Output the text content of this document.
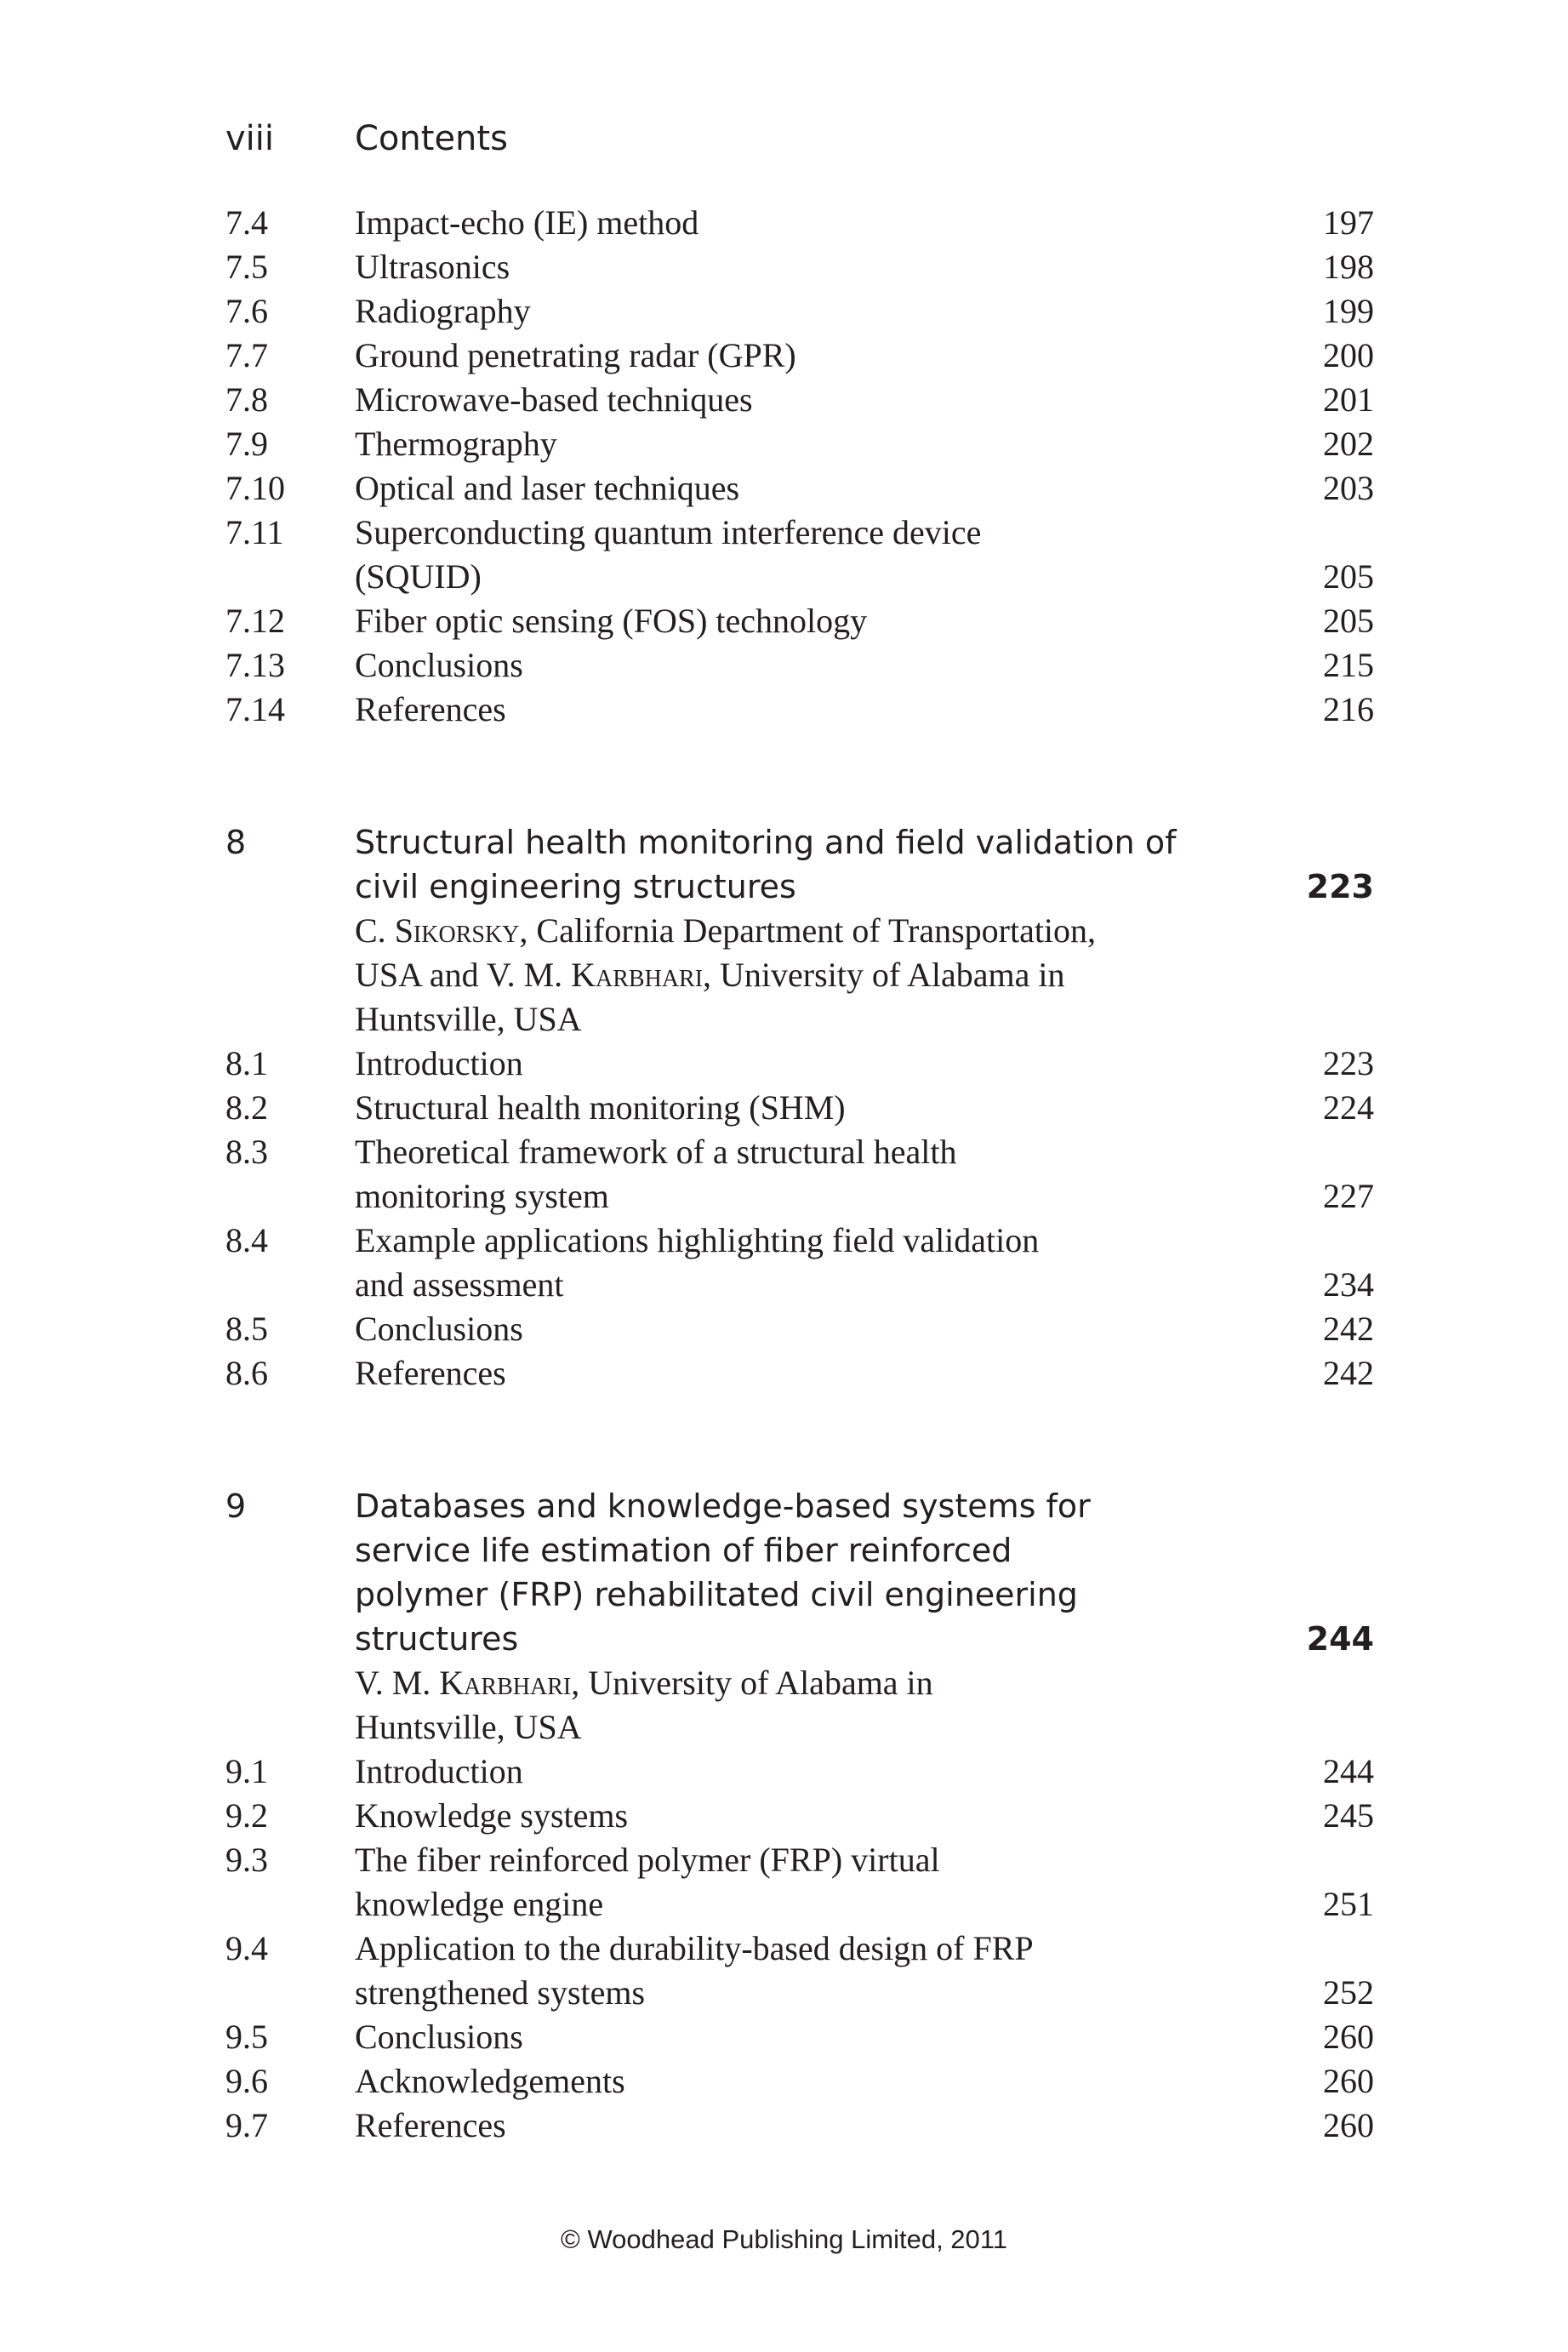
viii Contents
7.4	Impact-echo (IE) method	197
7.5	Ultrasonics	198
7.6	Radiography	199
7.7	Ground penetrating radar (GPR)	200
7.8	Microwave-based techniques	201
7.9	Thermography	202
7.10 Optical and laser techniques	203
7.11 Superconducting quantum interference device
(SQUID)	205
7.12 Fiber optic sensing (FOS) technology	205
7.13 Conclusions	215
7.14 References	216
8	Structural health monitoring and field validation of
civil engineering structures	223
C. Sikorsky, California Department of Transportation,
USA and V. M. Karbhari, University of Alabama in
Huntsville, USA
8.1	Introduction	223
8.2	Structural health monitoring (SHM)	224
8.3	Theoretical framework of a structural health
monitoring system	227
8.4	Example applications highlighting field validation
and assessment	234
8.5	Conclusions	242
8.6	References	242
9	Databases and knowledge-based systems for
service life estimation of fiber reinforced
polymer (FRP) rehabilitated civil engineering
structures	244
V. M. Karbhari, University of Alabama in
Huntsville, USA
9.1	Introduction	244
9.2	Knowledge systems	245
9.3	The fiber reinforced polymer (FRP) virtual
knowledge engine	251
9.4	Application to the durability-based design of FRP
strengthened systems	252
9.5	Conclusions	260
9.6	Acknowledgements	260
9.7	References	260
© Woodhead Publishing Limited, 2011
